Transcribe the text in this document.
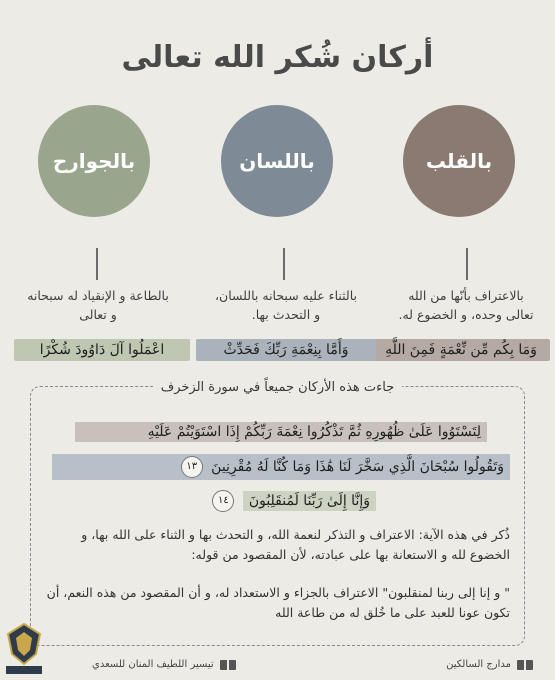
أركان شُكر الله تعالى
بالقلب
باللسان
بالجوارح
بالاعتراف بأنّها من الله
تعالى وحده، و الخضوع له.
بالثناء عليه سبحانه باللسان،
و التحدث بها.
بالطاعة و الإنقياد له سبحانه
و تعالى
وَمَا بِكُم مِّن نِّعْمَةٍ فَمِنَ اللَّهِ
وَأَمَّا بِنِعْمَةِ رَبِّكَ فَحَدِّثْ
اعْمَلُوا آلَ دَاوُودَ شُكْرًا
جاءت هذه الأركان جميعاً في سورة الزخرف
لِتَسْتَوُوا عَلَىٰ ظُهُورِهِ ثُمَّ تَذْكُرُوا نِعْمَةَ رَبِّكُمْ إِذَا اسْتَوَيْتُمْ عَلَيْهِ
وَتَقُولُوا سُبْحَانَ الَّذِي سَخَّرَ لَنَا هَٰذَا وَمَا كُنَّا لَهُ مُقْرِنِينَ ١٣
وَإِنَّا إِلَىٰ رَبِّنَا لَمُنقَلِبُونَ ١٤
ذُكر في هذه الآية: الاعتراف و التذكر لنعمة الله، و التحدث بها و الثناء على الله بها، و الخضوع لله و الاستعانة بها على عبادته، لأن المقصود من قوله:
" و إنا إلى ربنا لمنقلبون" الاعتراف بالجزاء و الاستعداد له، و أن المقصود من هذه النعم، أن تكون عونا للعبد على ما خُلق له من طاعة الله
مدارج السالكين
تيسير اللطيف المنان للسعدي
